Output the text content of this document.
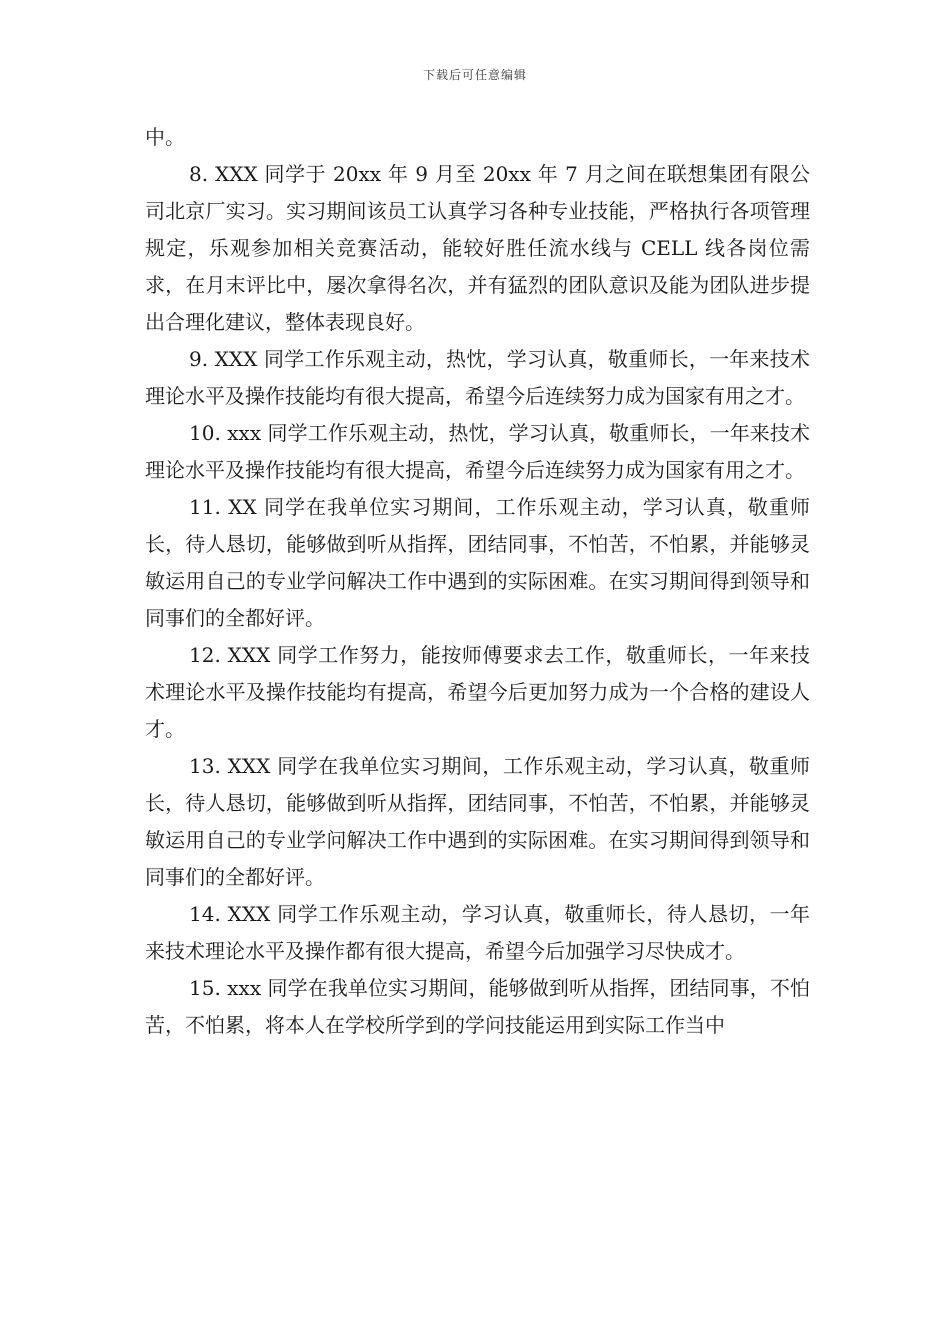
下载后可任意编辑

中。

8. XXX 同学于 20xx 年 9 月至 20xx 年 7 月之间在联想集团有限公司北京厂实习。实习期间该员工认真学习各种专业技能，严格执行各项管理规定，乐观参加相关竞赛活动，能较好胜任流水线与 CELL 线各岗位需求，在月末评比中，屡次拿得名次，并有猛烈的团队意识及能为团队进步提出合理化建议，整体表现良好。

9. XXX 同学工作乐观主动，热忱，学习认真，敬重师长，一年来技术理论水平及操作技能均有很大提高，希望今后连续努力成为国家有用之才。

10. xxx 同学工作乐观主动，热忱，学习认真，敬重师长，一年来技术理论水平及操作技能均有很大提高，希望今后连续努力成为国家有用之才。

11. XX 同学在我单位实习期间，工作乐观主动，学习认真，敬重师长，待人恳切，能够做到听从指挥，团结同事，不怕苦，不怕累，并能够灵敏运用自己的专业学问解决工作中遇到的实际困难。在实习期间得到领导和同事们的全都好评。

12. XXX 同学工作努力，能按师傅要求去工作，敬重师长，一年来技术理论水平及操作技能均有提高，希望今后更加努力成为一个合格的建设人才。

13. XXX 同学在我单位实习期间，工作乐观主动，学习认真，敬重师长，待人恳切，能够做到听从指挥，团结同事，不怕苦，不怕累，并能够灵敏运用自己的专业学问解决工作中遇到的实际困难。在实习期间得到领导和同事们的全都好评。

14. XXX 同学工作乐观主动，学习认真，敬重师长，待人恳切，一年来技术理论水平及操作都有很大提高，希望今后加强学习尽快成才。

15. xxx 同学在我单位实习期间，能够做到听从指挥，团结同事，不怕苦，不怕累，将本人在学校所学到的学问技能运用到实际工作当中
